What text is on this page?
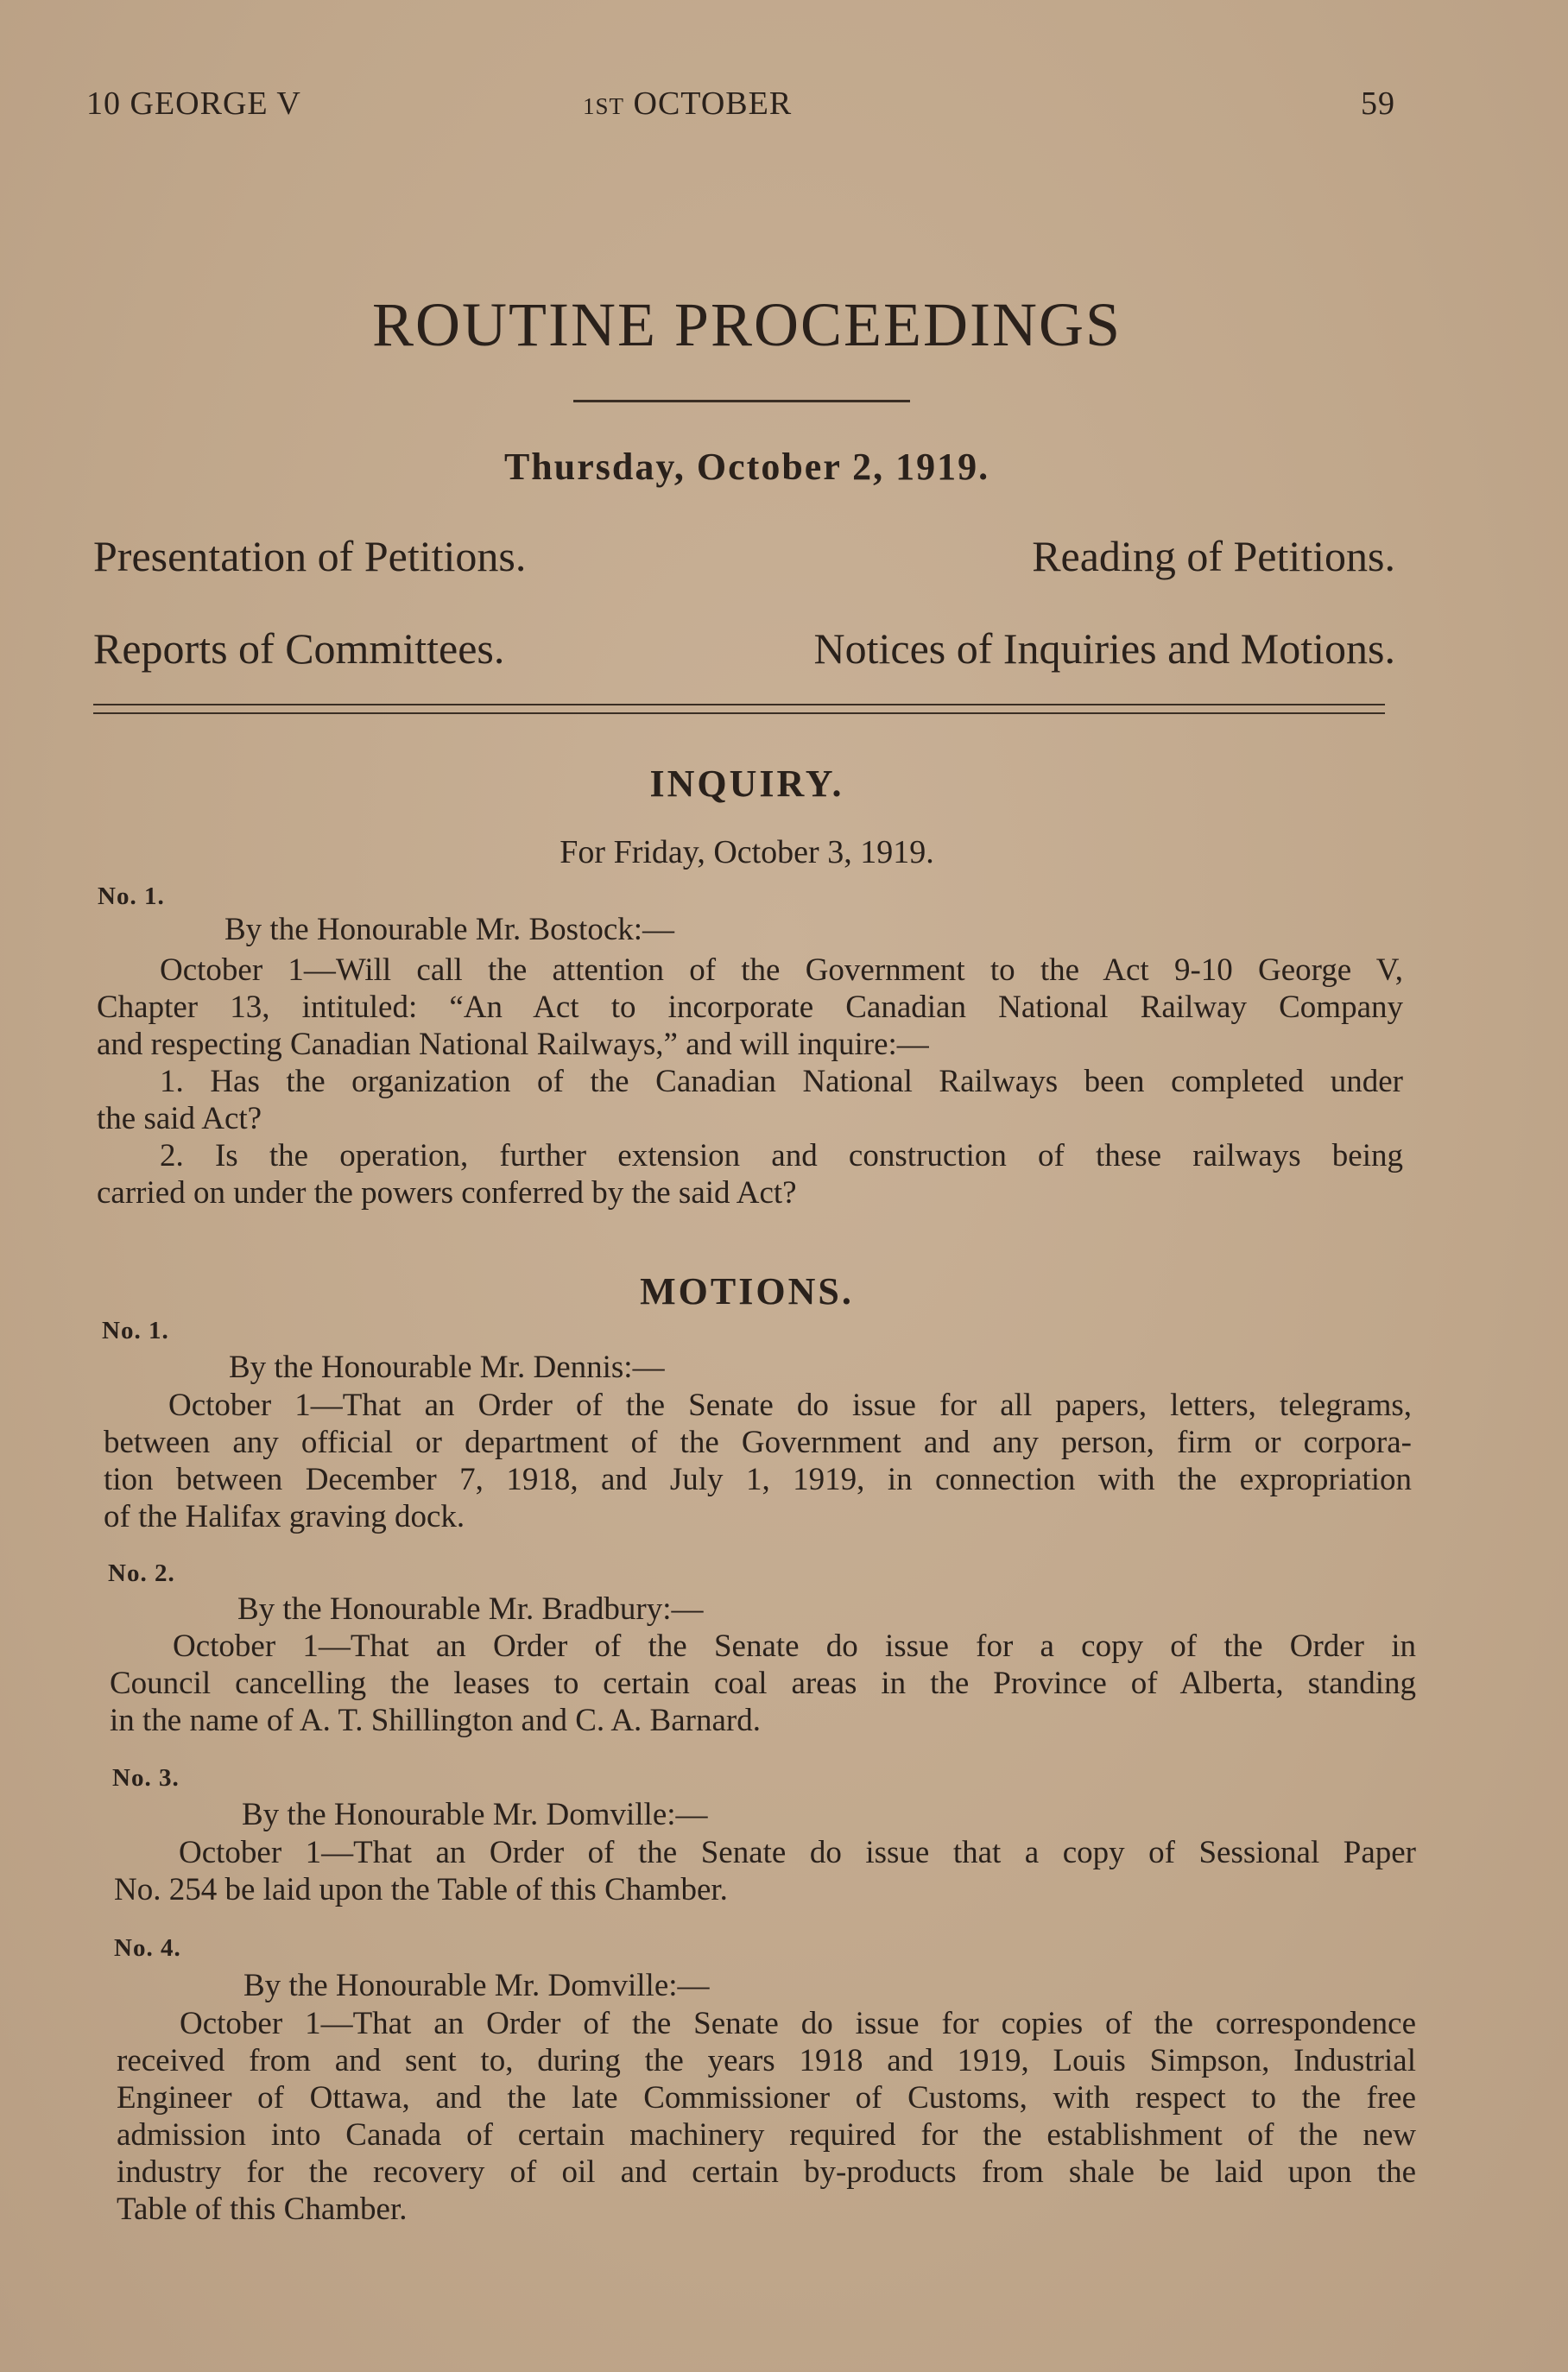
10 GEORGE V	1ST OCTOBER	59
ROUTINE PROCEEDINGS
Thursday, October 2, 1919.
Presentation of Petitions.	Reading of Petitions.
Reports of Committees.	Notices of Inquiries and Motions.
INQUIRY.
For Friday, October 3, 1919.
No. 1.
By the Honourable Mr. Bostock:—
October 1—Will call the attention of the Government to the Act 9-10 George V,
Chapter 13, intituled: “An Act to incorporate Canadian National Railway Company
and respecting Canadian National Railways,” and will inquire:—
1. Has the organization of the Canadian National Railways been completed under
the said Act?
2. Is the operation, further extension and construction of these railways being
carried on under the powers conferred by the said Act?
MOTIONS.
No. 1.
By the Honourable Mr. Dennis:—
October 1—That an Order of the Senate do issue for all papers, letters, telegrams,
between any official or department of the Government and any person, firm or corpora-
tion between December 7, 1918, and July 1, 1919, in connection with the expropriation
of the Halifax graving dock.
No. 2.
By the Honourable Mr. Bradbury:—
October 1—That an Order of the Senate do issue for a copy of the Order in
Council cancelling the leases to certain coal areas in the Province of Alberta, standing
in the name of A. T. Shillington and C. A. Barnard.
No. 3.
By the Honourable Mr. Domville:—
October 1—That an Order of the Senate do issue that a copy of Sessional Paper
No. 254 be laid upon the Table of this Chamber.
No. 4.
By the Honourable Mr. Domville:—
October 1—That an Order of the Senate do issue for copies of the correspondence
received from and sent to, during the years 1918 and 1919, Louis Simpson, Industrial
Engineer of Ottawa, and the late Commissioner of Customs, with respect to the free
admission into Canada of certain machinery required for the establishment of the new
industry for the recovery of oil and certain by-products from shale be laid upon the
Table of this Chamber.
